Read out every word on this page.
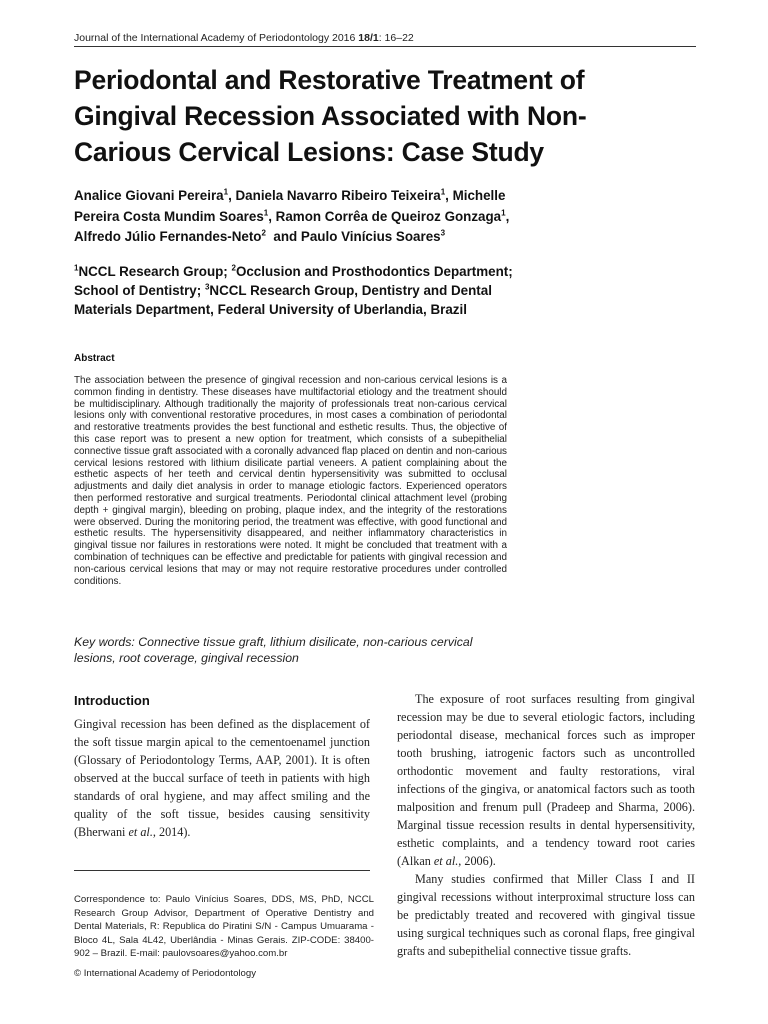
Journal of the International Academy of Periodontology 2016 18/1: 16–22
Periodontal and Restorative Treatment of Gingival Recession Associated with Non-Carious Cervical Lesions: Case Study
Analice Giovani Pereira$^1$, Daniela Navarro Ribeiro Teixeira$^1$, Michelle Pereira Costa Mundim Soares$^1$, Ramon Corrêa de Queiroz Gonzaga$^1$, Alfredo Júlio Fernandes-Neto$^2$  and Paulo Vinícius Soares$^3$
$^1$NCCL Research Group; $^2$Occlusion and Prosthodontics Department; School of Dentistry; $^3$NCCL Research Group, Dentistry and Dental Materials Department, Federal University of Uberlandia, Brazil
Abstract

The association between the presence of gingival recession and non-carious cervical lesions is a common finding in dentistry. These diseases have multifactorial etiology and the treatment should be multidisciplinary. Although traditionally the majority of professionals treat non-carious cervical lesions only with conventional restorative procedures, in most cases a combination of periodontal and restorative treatments provides the best functional and esthetic results. Thus, the objective of this case report was to present a new option for treatment, which consists of a subepithelial connective tissue graft associated with a coronally advanced flap placed on dentin and non-carious cervical lesions restored with lithium disilicate partial veneers. A patient complaining about the esthetic aspects of her teeth and cervical dentin hypersensitivity was submitted to occlusal adjustments and daily diet analysis in order to manage etiologic factors. Experienced operators then performed restorative and surgical treatments. Periodontal clinical attachment level (probing depth + gingival margin), bleeding on probing, plaque index, and the integrity of the restorations were observed. During the monitoring period, the treatment was effective, with good functional and esthetic results. The hypersensitivity disappeared, and neither inflammatory characteristics in gingival tissue nor failures in restorations were noted. It might be concluded that treatment with a combination of techniques can be effective and predictable for patients with gingival recession and non-carious cervical lesions that may or may not require restorative procedures under controlled conditions.

Key words: Connective tissue graft, lithium disilicate, non-carious cervical lesions, root coverage, gingival recession
Introduction

Gingival recession has been defined as the displacement of the soft tissue margin apical to the cementoenamel junction (Glossary of Periodontology Terms, AAP, 2001). It is often observed at the buccal surface of teeth in patients with high standards of oral hygiene, and may affect smiling and the quality of the soft tissue, besides causing sensitivity (Bherwani et al., 2014).

The exposure of root surfaces resulting from gingival recession may be due to several etiologic factors, including periodontal disease, mechanical forces such as improper tooth brushing, iatrogenic factors such as uncontrolled orthodontic movement and faulty restorations, viral infections of the gingiva, or anatomical factors such as tooth malposition and frenum pull (Pradeep and Sharma, 2006). Marginal tissue recession results in dental hypersensitivity, esthetic complaints, and a tendency toward root caries (Alkan et al., 2006).

Many studies confirmed that Miller Class I and II gingival recessions without interproximal structure loss can be predictably treated and recovered with gingival tissue using surgical techniques such as coronal flaps, free gingival grafts and subepithelial connective tissue grafts.

Correspondence to: Paulo Vinícius Soares, DDS, MS, PhD, NCCL Research Group Advisor, Department of Operative Dentistry and Dental Materials, R: Republica do Piratini S/N - Campus Umuarama - Bloco 4L, Sala 4L42, Uberlândia - Minas Gerais. ZIP-CODE: 38400-902 – Brazil. E-mail: paulovsoares@yahoo.com.br

© International Academy of Periodontology
